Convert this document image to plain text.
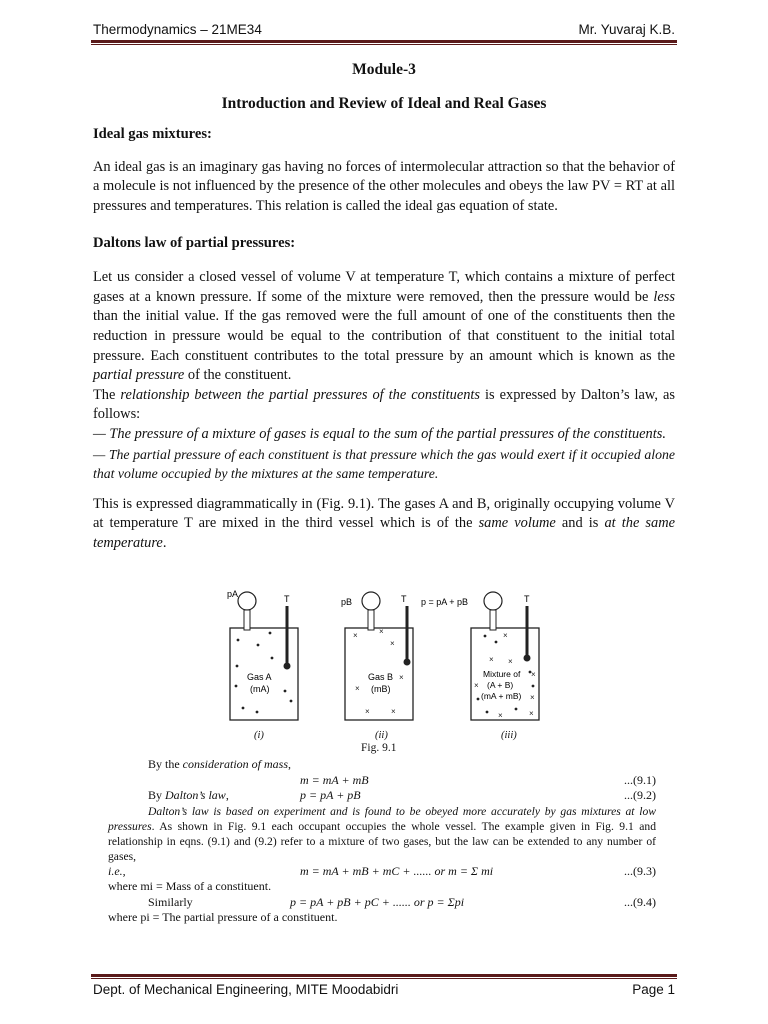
Thermodynamics – 21ME34	Mr. Yuvaraj K.B.
Module-3
Introduction and Review of Ideal and Real Gases
Ideal gas mixtures:
An ideal gas is an imaginary gas having no forces of intermolecular attraction so that the behavior of a molecule is not influenced by the presence of the other molecules and obeys the law PV = RT at all pressures and temperatures. This relation is called the ideal gas equation of state.
Daltons law of partial pressures:
Let us consider a closed vessel of volume V at temperature T, which contains a mixture of perfect gases at a known pressure. If some of the mixture were removed, then the pressure would be less than the initial value. If the gas removed were the full amount of one of the constituents then the reduction in pressure would be equal to the contribution of that constituent to the initial total pressure. Each constituent contributes to the total pressure by an amount which is known as the partial pressure of the constituent.
The relationship between the partial pressures of the constituents is expressed by Dalton’s law, as follows:
— The pressure of a mixture of gases is equal to the sum of the partial pressures of the constituents.
— The partial pressure of each constituent is that pressure which the gas would exert if it occupied alone that volume occupied by the mixtures at the same temperature.
This is expressed diagrammatically in (Fig. 9.1). The gases A and B, originally occupying volume V at temperature T are mixed in the third vessel which is of the same volume and is at the same temperature.
pA	T
Gas A
(mA)
pB	T
Gas B
(mB)
×	×
×
×
×
×	×
p = pA + pB	T
Mixture of
(A + B)
(mA + mB)
×
× ×
×
×
×
×	×
(i)	(ii)	(iii)
Fig. 9.1
By the consideration of mass,
m = mA + mB	...(9.1)
By Dalton’s law,	p = pA + pB	...(9.2)
Dalton’s law is based on experiment and is found to be obeyed more accurately by gas mixtures at low pressures. As shown in Fig. 9.1 each occupant occupies the whole vessel. The example given in Fig. 9.1 and relationship in eqns. (9.1) and (9.2) refer to a mixture of two gases, but the law can be extended to any number of gases,
i.e.,	m = mA + mB + mC + ...... or m = Σ mi	...(9.3)
where mi = Mass of a constituent.
Similarly	p = pA + pB + pC + ...... or p = Σpi	...(9.4)
where pi = The partial pressure of a constituent.
Dept. of Mechanical Engineering, MITE Moodabidri	Page 1
